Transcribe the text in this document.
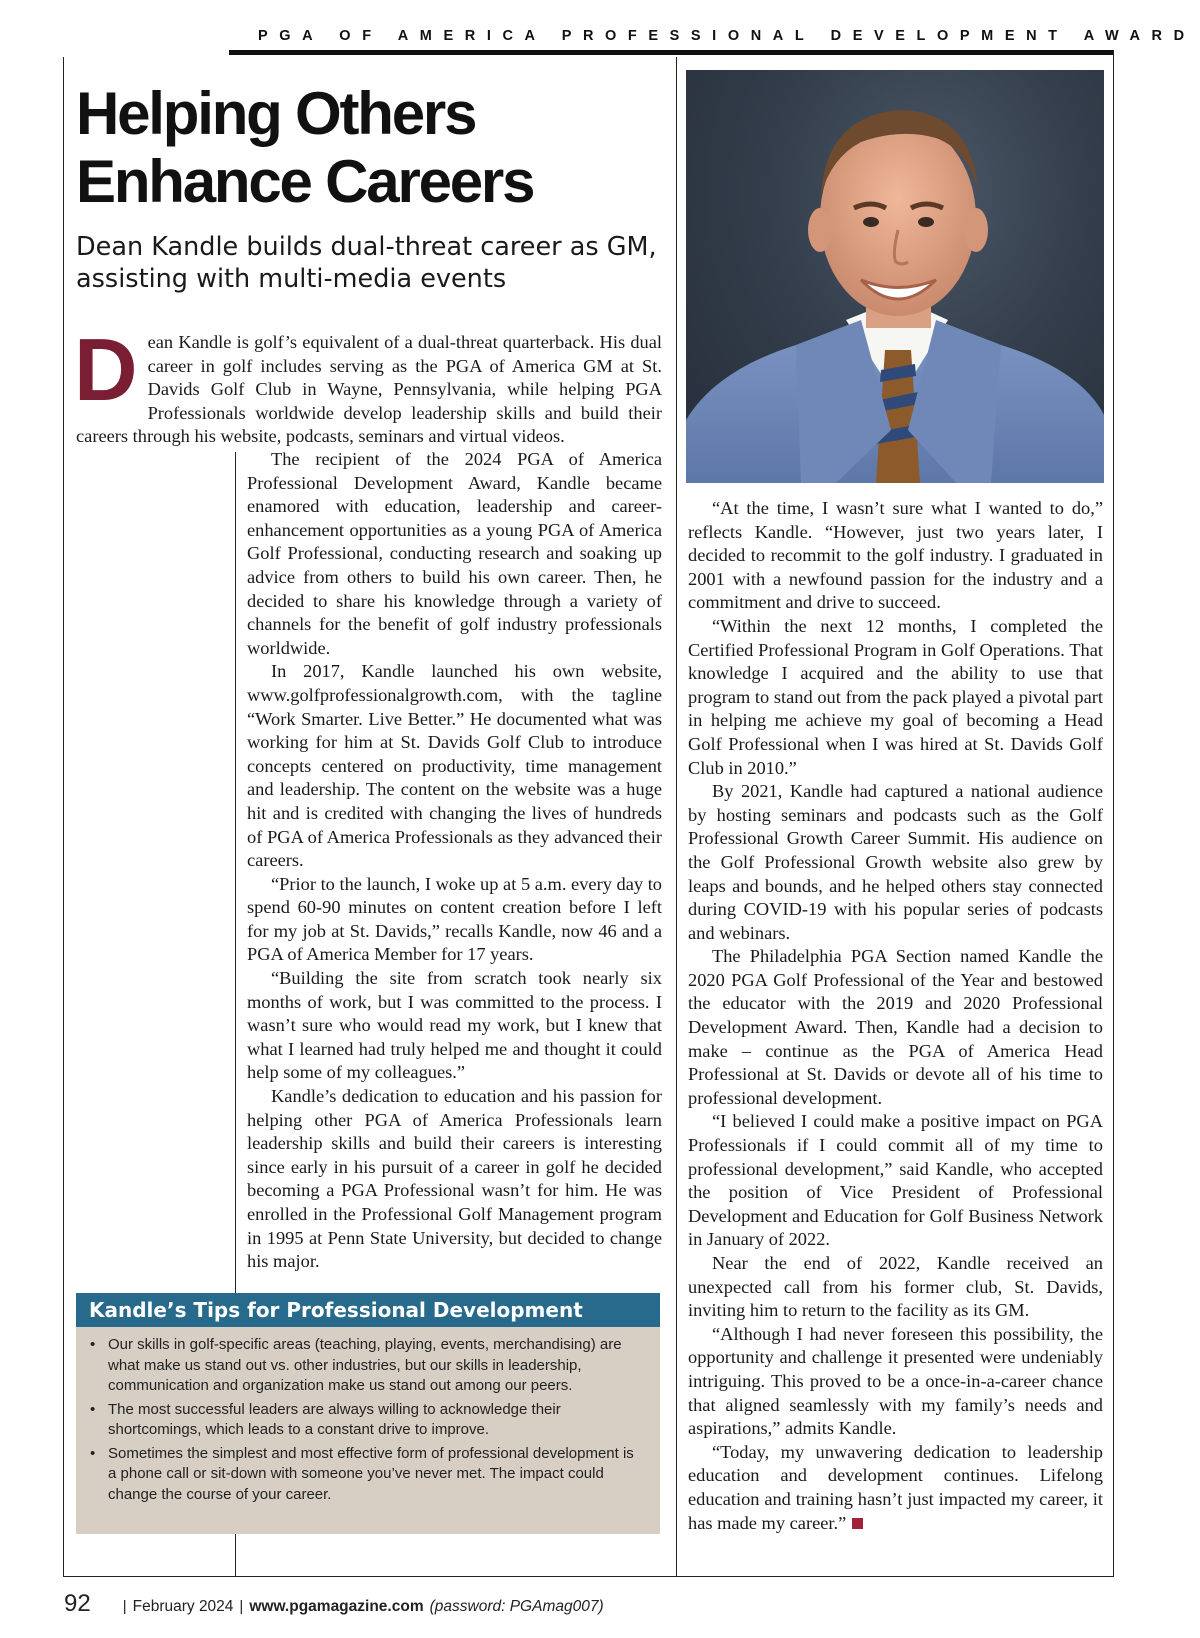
PGA OF AMERICA PROFESSIONAL DEVELOPMENT AWARD
Helping Others
Enhance Careers
Dean Kandle builds dual-threat career as GM, assisting with multi-media events
Dean Kandle is golf’s equivalent of a dual-threat quarterback. His dual career in golf includes serving as the PGA of America GM at St. Davids Golf Club in Wayne, Pennsylvania, while helping PGA Professionals worldwide develop leadership skills and build their careers through his website, podcasts, seminars and virtual videos.

The recipient of the 2024 PGA of America Professional Development Award, Kandle became enamored with education, leadership and career-enhancement opportunities as a young PGA of America Golf Professional, conducting research and soaking up advice from others to build his own career. Then, he decided to share his knowledge through a variety of channels for the benefit of golf industry professionals worldwide.

In 2017, Kandle launched his own website, www.golfprofessionalgrowth.com, with the tagline “Work Smarter. Live Better.” He documented what was working for him at St. Davids Golf Club to introduce concepts centered on productivity, time management and leadership. The content on the website was a huge hit and is credited with changing the lives of hundreds of PGA of America Professionals as they advanced their careers.

“Prior to the launch, I woke up at 5 a.m. every day to spend 60-90 minutes on content creation before I left for my job at St. Davids,” recalls Kandle, now 46 and a PGA of America Member for 17 years.

“Building the site from scratch took nearly six months of work, but I was committed to the process. I wasn’t sure who would read my work, but I knew that what I learned had truly helped me and thought it could help some of my colleagues.”

Kandle’s dedication to education and his passion for helping other PGA of America Professionals learn leadership skills and build their careers is interesting since early in his pursuit of a career in golf he decided becoming a PGA Professional wasn’t for him. He was enrolled in the Professional Golf Management program in 1995 at Penn State University, but decided to change his major.

“At the time, I wasn’t sure what I wanted to do,” reflects Kandle. “However, just two years later, I decided to recommit to the golf industry. I graduated in 2001 with a newfound passion for the industry and a commitment and drive to succeed.

“Within the next 12 months, I completed the Certified Professional Program in Golf Operations. That knowledge I acquired and the ability to use that program to stand out from the pack played a pivotal part in helping me achieve my goal of becoming a Head Golf Professional when I was hired at St. Davids Golf Club in 2010.”

By 2021, Kandle had captured a national audience by hosting seminars and podcasts such as the Golf Professional Growth Career Summit. His audience on the Golf Professional Growth website also grew by leaps and bounds, and he helped others stay connected during COVID-19 with his popular series of podcasts and webinars.

The Philadelphia PGA Section named Kandle the 2020 PGA Golf Professional of the Year and bestowed the educator with the 2019 and 2020 Professional Development Award. Then, Kandle had a decision to make – continue as the PGA of America Head Professional at St. Davids or devote all of his time to professional development.

“I believed I could make a positive impact on PGA Professionals if I could commit all of my time to professional development,” said Kandle, who accepted the position of Vice President of Professional Development and Education for Golf Business Network in January of 2022.

Near the end of 2022, Kandle received an unexpected call from his former club, St. Davids, inviting him to return to the facility as its GM.

“Although I had never foreseen this possibility, the opportunity and challenge it presented were undeniably intriguing. This proved to be a once-in-a-career chance that aligned seamlessly with my family’s needs and aspirations,” admits Kandle.

“Today, my unwavering dedication to leadership education and development continues. Lifelong education and training hasn’t just impacted my career, it has made my career.”

Kandle’s Tips for Professional Development
• Our skills in golf-specific areas (teaching, playing, events, merchandising) are what make us stand out vs. other industries, but our skills in leadership, communication and organization make us stand out among our peers.
• The most successful leaders are always willing to acknowledge their shortcomings, which leads to a constant drive to improve.
• Sometimes the simplest and most effective form of professional development is a phone call or sit-down with someone you’ve never met. The impact could change the course of your career.
92 | February 2024 | www.pgamagazine.com (password: PGAmag007)
